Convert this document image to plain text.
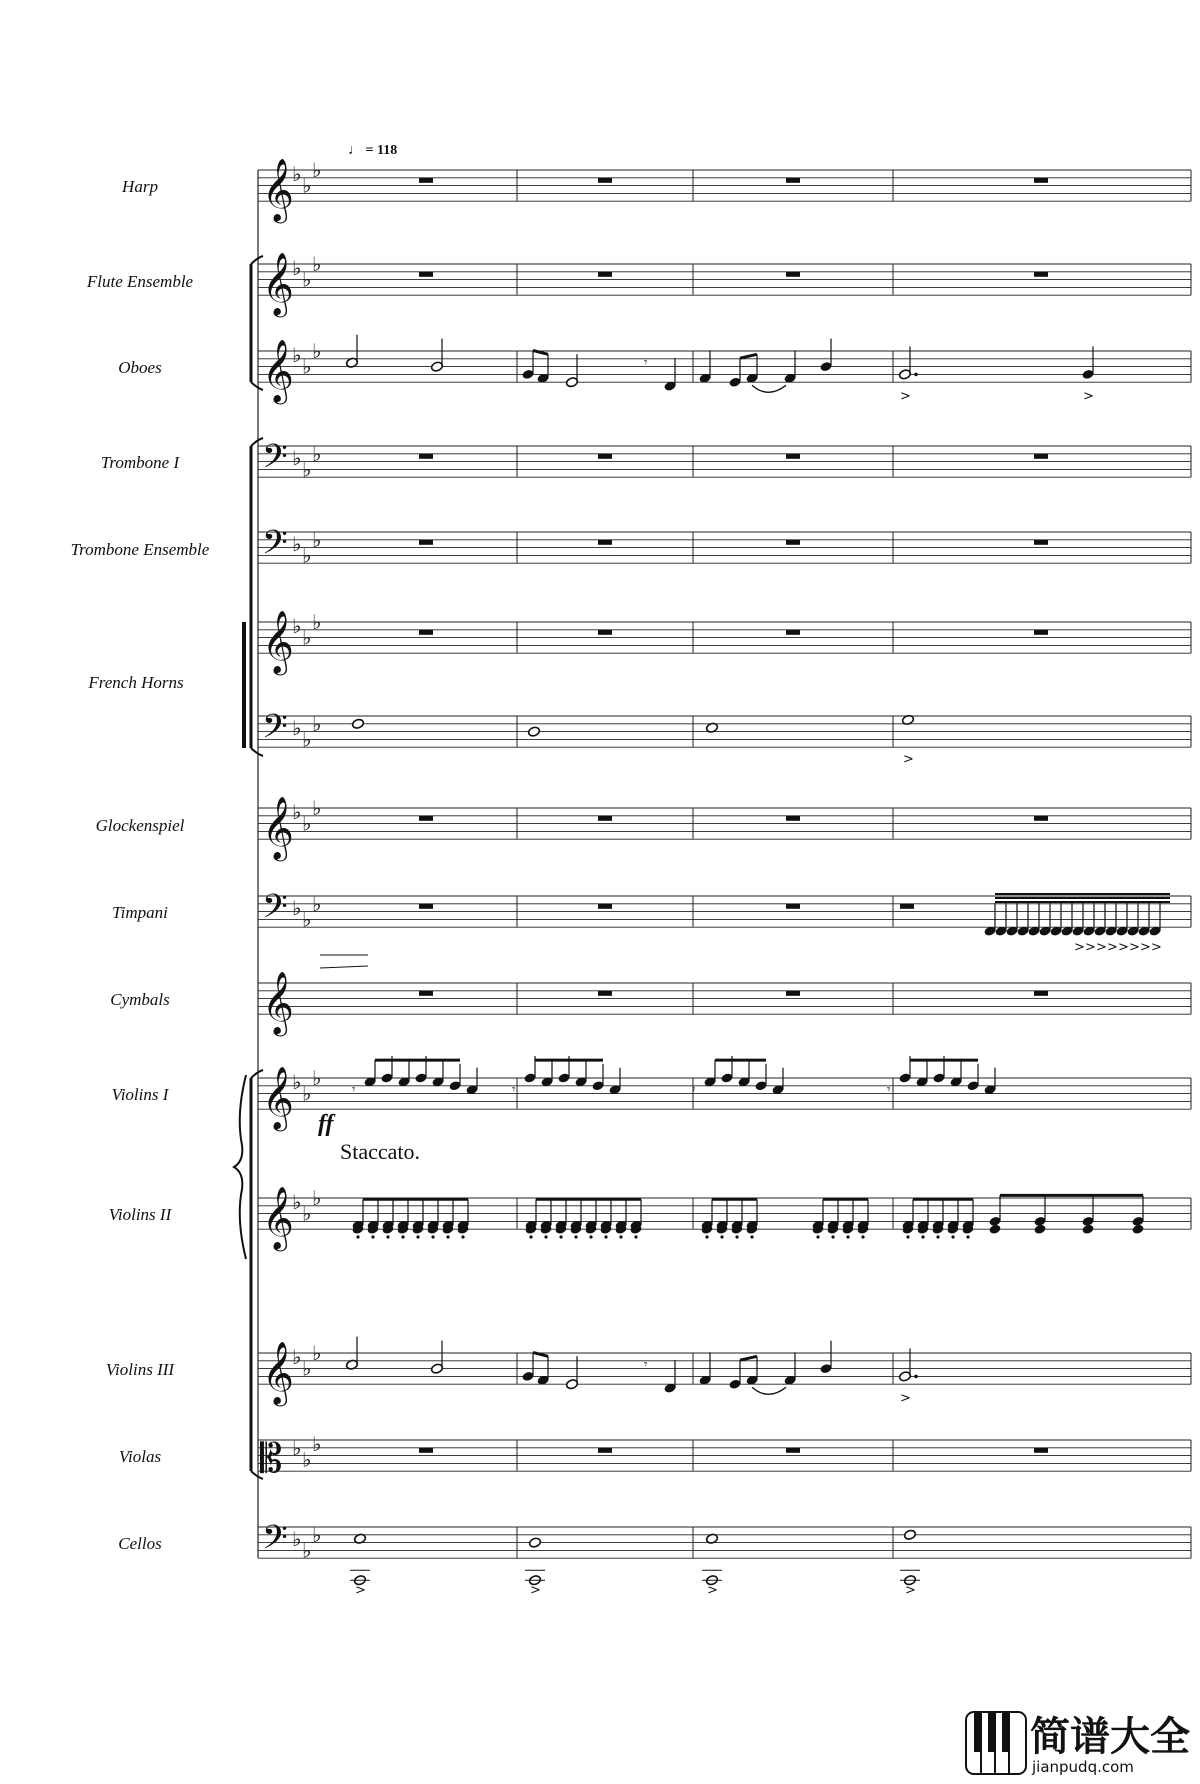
𝄞
♭ ♭
♭
𝄞
♭ ♭
♭
𝄞
♭ ♭
♭
𝄢 ♭ ♭
♭
𝄢 ♭ ♭
♭
𝄞
♭ ♭
♭
𝄢 ♭ ♭
♭
𝄞
♭ ♭
♭
𝄢 ♭ ♭
♭
𝄞
𝄞
♭ ♭
♭
𝄞
♭ ♭
♭
𝄞
♭ ♭
♭
𝄡 ♭ ♭
♭
𝄢 ♭ ♭
♭
𝄾
>	>
𝄾
>
𝄾	𝄾	𝄾	𝄾
>
> > > > > > > >
>	>	>	>
Harp
Flute Ensemble
Oboes
Trombone I
Trombone Ensemble
French Horns
Glockenspiel
Timpani
Cymbals
Violins I
Violins II
Violins III
Violas
Cellos
♩ = 118
ff
Staccato.
简谱大全
jianpudq.com
